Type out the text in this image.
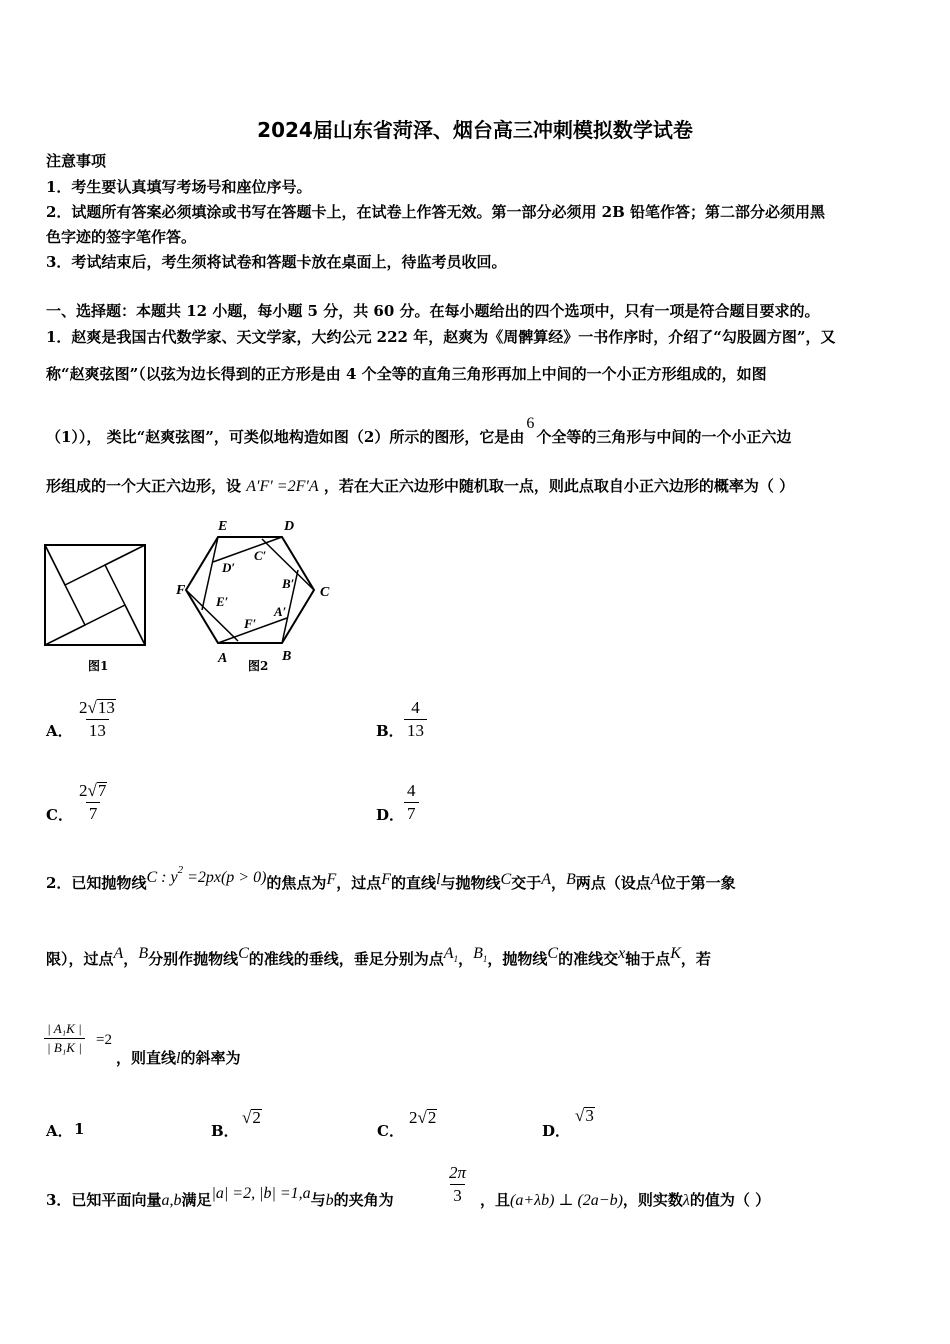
2024届山东省菏泽、烟台高三冲刺模拟数学试卷
注意事项
1．考生要认真填写考场号和座位序号。
2．试题所有答案必须填涂或书写在答题卡上，在试卷上作答无效。第一部分必须用 2B 铅笔作答；第二部分必须用黑
色字迹的签字笔作答。
3．考试结束后，考生须将试卷和答题卡放在桌面上，待监考员收回。
一、选择题：本题共 12 小题，每小题 5 分，共 60 分。在每小题给出的四个选项中，只有一项是符合题目要求的。
1．赵爽是我国古代数学家、天文学家，大约公元 222 年，赵爽为《周髀算经》一书作序时，介绍了“勾股圆方图”，又
称“赵爽弦图”（以弦为边长得到的正方形是由 4 个全等的直角三角形再加上中间的一个小正方形组成的，如图
（1））， 类比“赵爽弦图”，可类似地构造如图（2）所示的图形，它是由6个全等的三角形与中间的一个小正六边
形组成的一个大正六边形，设 A′F′ =2F′A ，若在大正六边形中随机取一点，则此点取自小正六边形的概率为（ ）
图1
E	D
F	C
A	B
C′
D′
B′
E′
A′
F′
图2
A． $\frac{2√13}{13}$	B． $\frac{4}{13}$
C． $\frac{2√7}{7}$	D． $\frac{4}{7}$
2．已知抛物线C : $y^2 =2px(p > 0)$的焦点为F，过点F的直线l与抛物线C交于A，B两点（设点A位于第一象
限），过点A，B分别作抛物线C的准线的垂线，垂足分别为点$A_1$，$B_1$，抛物线C的准线交x轴于点K，若
$\frac{\text{| A₁K |}}{\text{| B₁K |}} =2$
，则直线l的斜率为
A． 1	B．
√2
C．
2√2
D．
√3
3．已知平面向量a,b满足|a| =2, |b| =1,a与b的夹角为	$\frac{2\pi}{3}$ ，且(a+λb) ⊥ (2a−b)，则实数λ的值为（ ）
